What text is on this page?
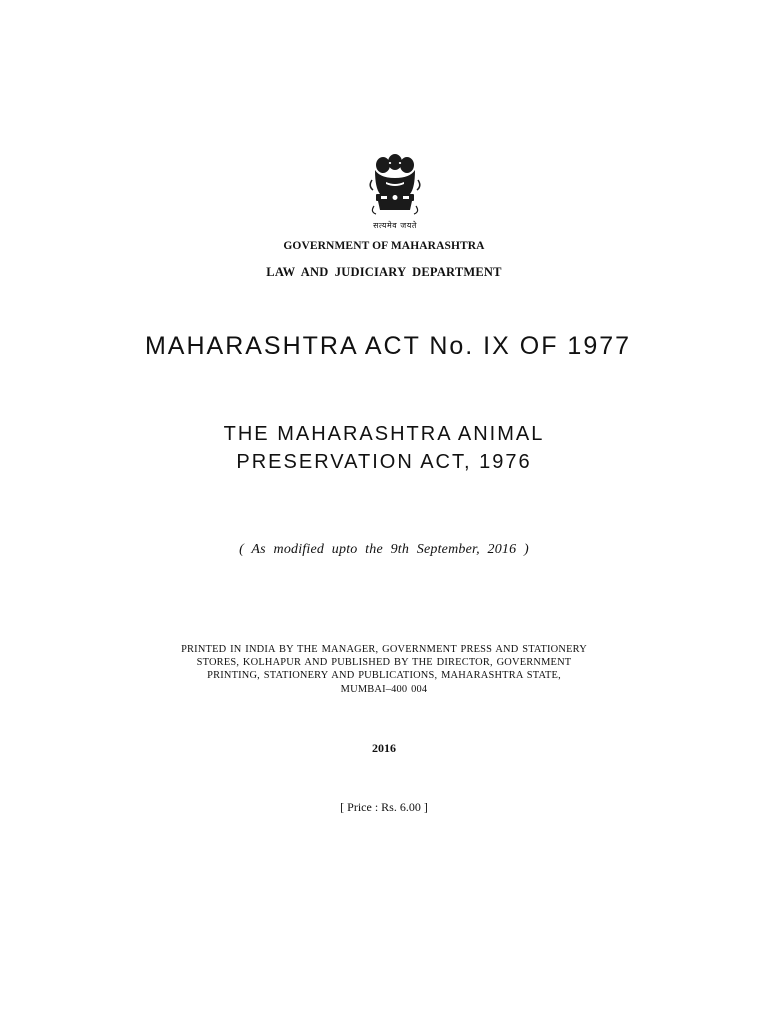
सत्यमेव जयते
GOVERNMENT OF MAHARASHTRA
LAW AND JUDICIARY DEPARTMENT
MAHARASHTRA ACT No. IX OF 1977
THE MAHARASHTRA ANIMAL
PRESERVATION ACT, 1976
( As modified upto the 9th September, 2016 )
PRINTED IN INDIA BY THE MANAGER, GOVERNMENT PRESS AND STATIONERY
STORES, KOLHAPUR AND PUBLISHED BY THE DIRECTOR, GOVERNMENT
PRINTING, STATIONERY AND PUBLICATIONS, MAHARASHTRA STATE,
MUMBAI–400 004
2016
[ Price : Rs. 6.00 ]
